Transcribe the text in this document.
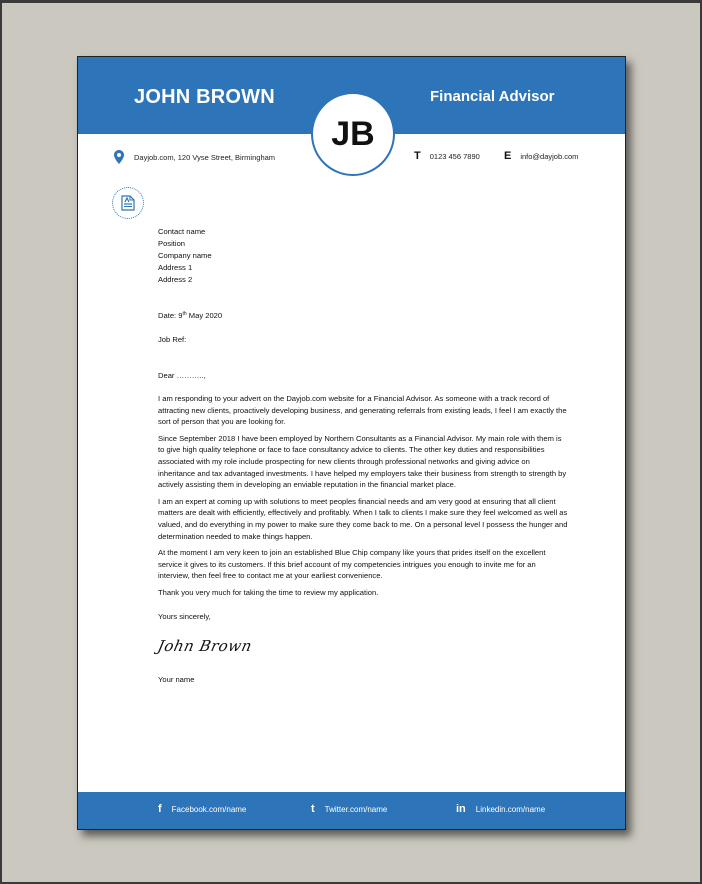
JOHN BROWN	Financial Advisor
JB
Dayjob.com, 120 Vyse Street, Birmingham	T 0123 456 7890 E info@dayjob.com

Contact name

Position

Company name

Address 1

Address 2

Date: 9th May 2020

Job Ref:

Dear ………..,

I am responding to your advert on the Dayjob.com website for a Financial Advisor. As someone with a track record of attracting new clients, proactively developing business, and generating referrals from existing leads, I feel I am exactly the sort of person that you are looking for.

Since September 2018 I have been employed by Northern Consultants as a Financial Advisor. My main role with them is to give high quality telephone or face to face consultancy advice to clients. The other key duties and responsibilities associated with my role include prospecting for new clients through professional networks and giving advice on inheritance and tax advantaged investments. I have helped my employers take their business from strength to strength by actively assisting them in developing an enviable reputation in the financial market place.

I am an expert at coming up with solutions to meet peoples financial needs and am very good at ensuring that all client matters are dealt with efficiently, effectively and profitably. When I talk to clients I make sure they feel welcomed as well as valued, and do everything in my power to make sure they come back to me. On a personal level I possess the hunger and determination needed to make things happen.

At the moment I am very keen to join an established Blue Chip company like yours that prides itself on the excellent service it gives to its customers. If this brief account of my competencies intrigues you enough to invite me for an interview, then feel free to contact me at your earliest convenience.

Thank you very much for taking the time to review my application.

Yours sincerely,

John Brown

Your name

f Facebook.com/name	t Twitter.com/name	in Linkedin.com/name
